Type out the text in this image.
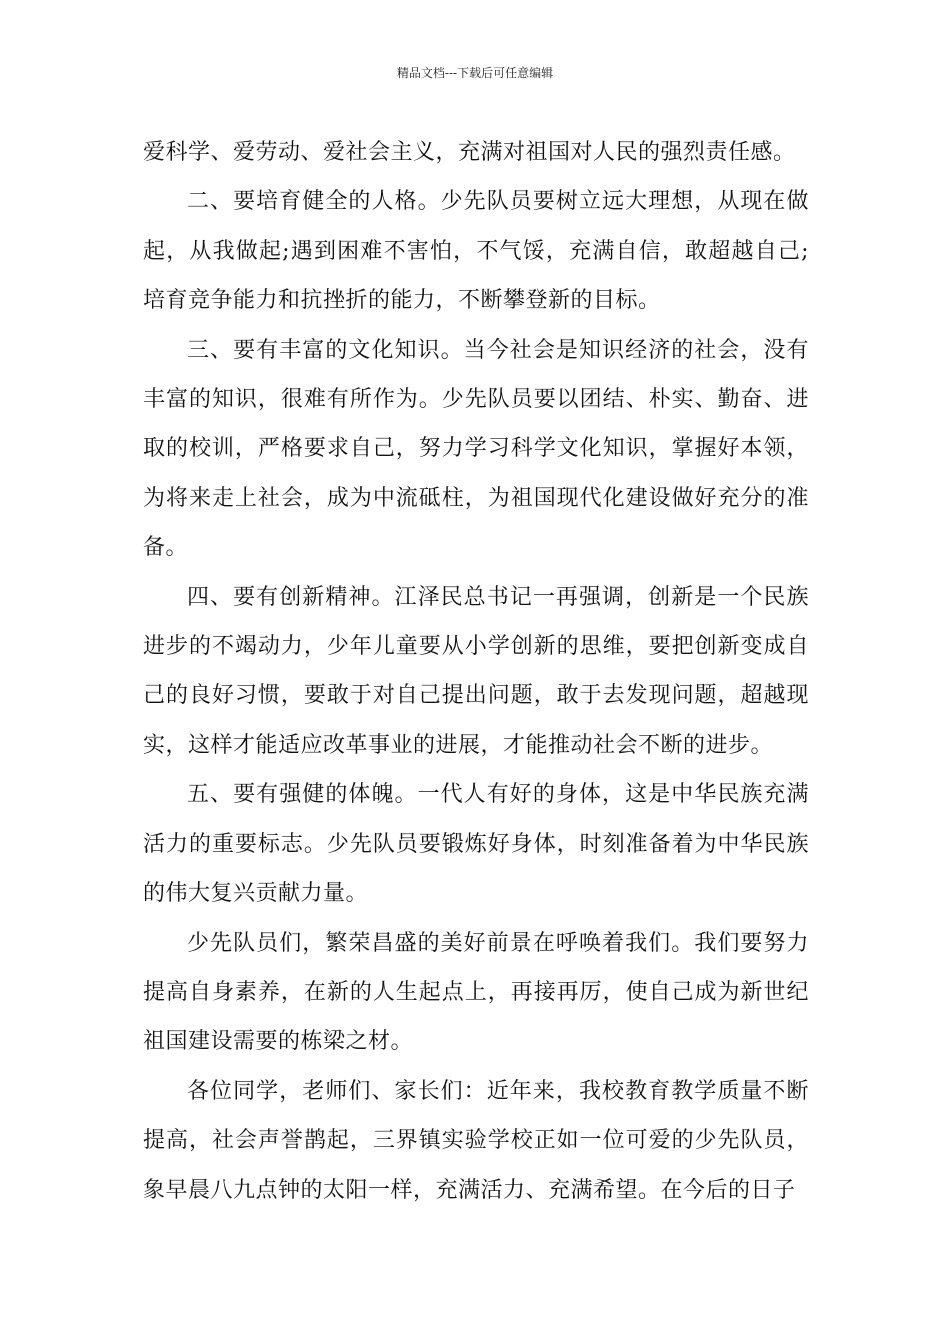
精品文档---下载后可任意编辑

爱科学、爱劳动、爱社会主义，充满对祖国对人民的强烈责任感。

二、要培育健全的人格。少先队员要树立远大理想，从现在做起，从我做起;遇到困难不害怕，不气馁，充满自信，敢超越自己;培育竞争能力和抗挫折的能力，不断攀登新的目标。

三、要有丰富的文化知识。当今社会是知识经济的社会，没有丰富的知识，很难有所作为。少先队员要以团结、朴实、勤奋、进取的校训，严格要求自己，努力学习科学文化知识，掌握好本领，为将来走上社会，成为中流砥柱，为祖国现代化建设做好充分的准备。

四、要有创新精神。江泽民总书记一再强调，创新是一个民族进步的不竭动力，少年儿童要从小学创新的思维，要把创新变成自己的良好习惯，要敢于对自己提出问题，敢于去发现问题，超越现实，这样才能适应改革事业的进展，才能推动社会不断的进步。

五、要有强健的体魄。一代人有好的身体，这是中华民族充满活力的重要标志。少先队员要锻炼好身体，时刻准备着为中华民族的伟大复兴贡献力量。

少先队员们，繁荣昌盛的美好前景在呼唤着我们。我们要努力提高自身素养，在新的人生起点上，再接再厉，使自己成为新世纪祖国建设需要的栋梁之材。

各位同学，老师们、家长们：近年来，我校教育教学质量不断提高，社会声誉鹊起，三界镇实验学校正如一位可爱的少先队员，象早晨八九点钟的太阳一样，充满活力、充满希望。在今后的日子
